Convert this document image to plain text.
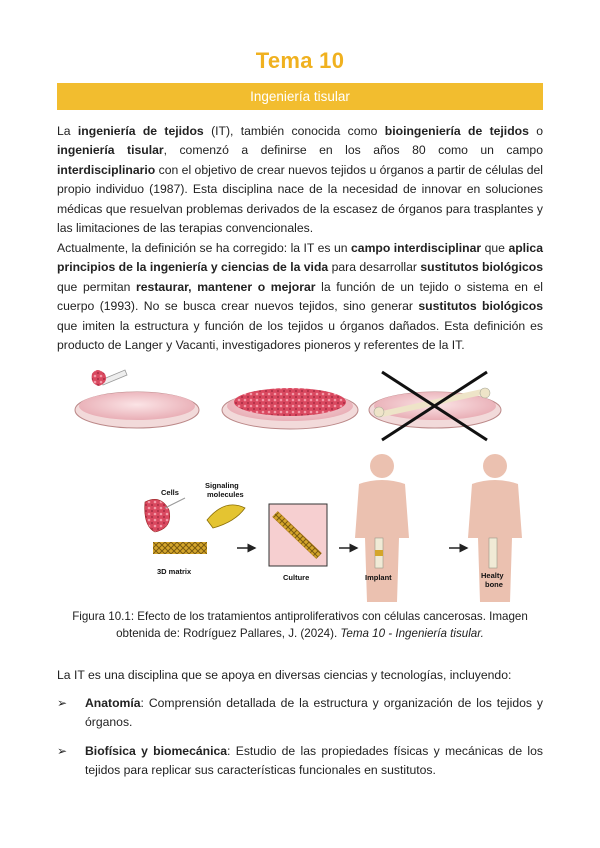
Tema 10
Ingeniería tisular

La ingeniería de tejidos (IT), también conocida como bioingeniería de tejidos o ingeniería tisular, comenzó a definirse en los años 80 como un campo interdisciplinario con el objetivo de crear nuevos tejidos u órganos a partir de células del propio individuo (1987). Esta disciplina nace de la necesidad de innovar en soluciones médicas que resuelvan problemas derivados de la escasez de órganos para trasplantes y las limitaciones de las terapias convencionales.

Actualmente, la definición se ha corregido: la IT es un campo interdisciplinar que aplica principios de la ingeniería y ciencias de la vida para desarrollar sustitutos biológicos que permitan restaurar, mantener o mejorar la función de un tejido o sistema en el cuerpo (1993). No se busca crear nuevos tejidos, sino generar sustitutos biológicos que imiten la estructura y función de los tejidos u órganos dañados. Esta definición es producto de Langer y Vacanti, investigadores pioneros y referentes de la IT.

Cells
Signaling
molecules
3D matrix
Culture	Implant	Healty
bone
Figura 10.1: Efecto de los tratamientos antiproliferativos con células cancerosas. Imagen obtenida de: Rodríguez Pallares, J. (2024). Tema 10 - Ingeniería tisular.

La IT es una disciplina que se apoya en diversas ciencias y tecnologías, incluyendo:

➢ Anatomía: Comprensión detallada de la estructura y organización de los tejidos y órganos.
➢ Biofísica y biomecánica: Estudio de las propiedades físicas y mecánicas de los tejidos para replicar sus características funcionales en sustitutos.
